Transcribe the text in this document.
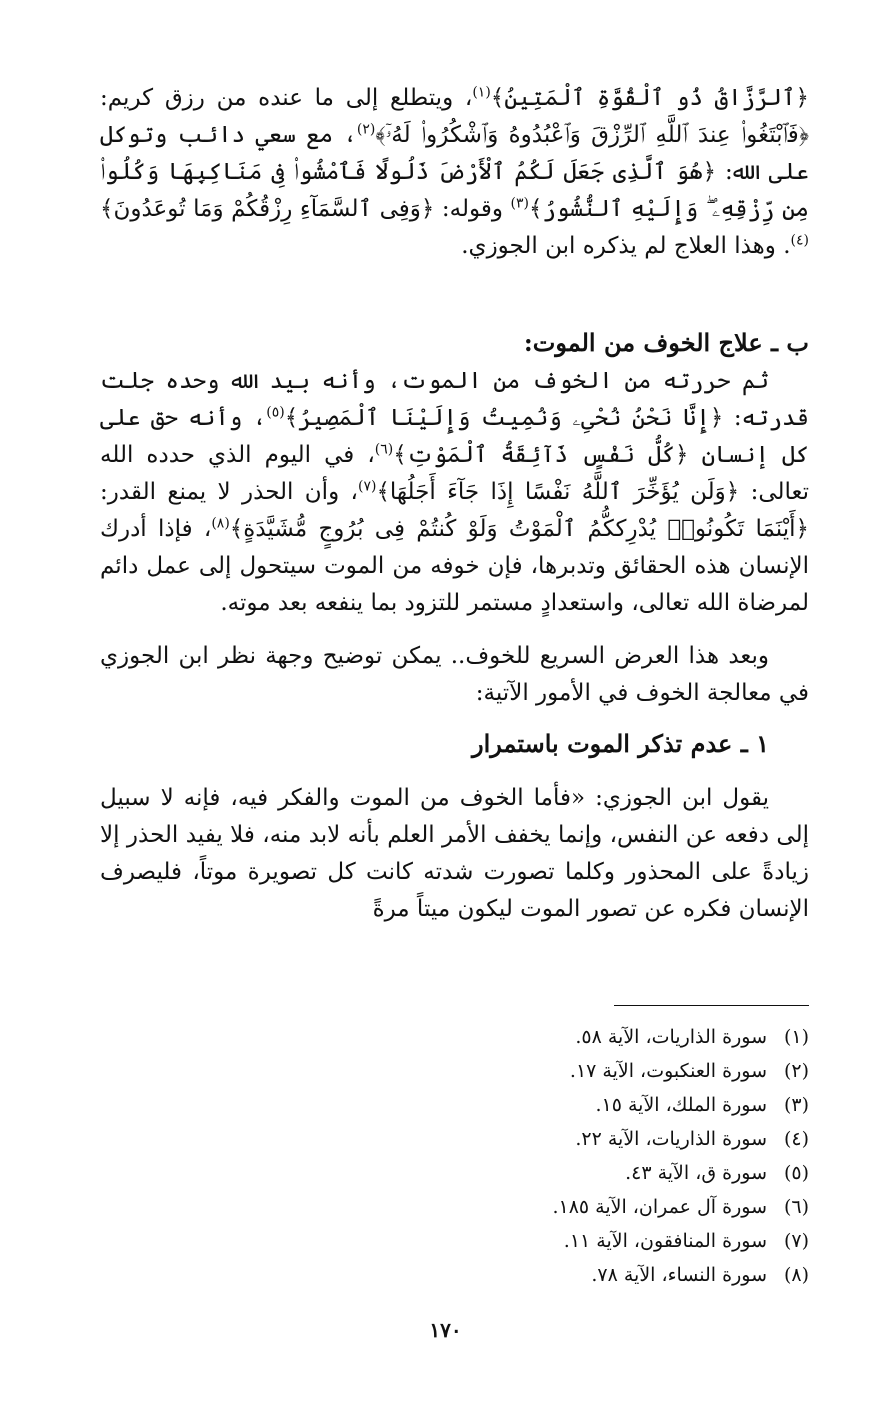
﴿ٱلرَّزَّاقُ ذُو ٱلْقُوَّةِ ٱلْمَتِينُ﴾$^{(١)}$، ويتطلع إلى ما عنده من رزق كريم: ﴿فَٱبْتَغُوا۟ عِندَ ٱللَّهِ ٱلرِّزْقَ وَٱعْبُدُوهُ وَٱشْكُرُوا۟ لَهُۥٓ﴾$^{(٢)}$، مع سعي دائب وتوكل على الله: ﴿هُوَ ٱلَّذِى جَعَلَ لَكُمُ ٱلْأَرْضَ ذَلُولًا فَٱمْشُوا۟ فِى مَنَاكِبِهَا وَكُلُوا۟ مِن رِّزْقِهِۦ ۖ وَإِلَيْهِ ٱلنُّشُورُ﴾$^{(٣)}$ وقوله: ﴿وَفِى ٱلسَّمَآءِ رِزْقُكُمْ وَمَا تُوعَدُونَ﴾$^{(٤)}$. وهذا العلاج لم يذكره ابن الجوزي.

ب ـ علاج الخوف من الموت:

ثم حررته من الخوف من الموت، وأنه بيد الله وحده جلت قدرته: ﴿إِنَّا نَحْنُ نُحْىِۦ وَنُمِيتُ وَإِلَيْنَا ٱلْمَصِيرُ﴾$^{(٥)}$، وأنه حق على كل إنسان ﴿كُلُّ نَفْسٍ ذَآئِقَةُ ٱلْمَوْتِ﴾$^{(٦)}$، في اليوم الذي حدده الله تعالى: ﴿وَلَن يُؤَخِّرَ ٱللَّهُ نَفْسًا إِذَا جَآءَ أَجَلُهَا﴾$^{(٧)}$، وأن الحذر لا يمنع القدر: ﴿أَيْنَمَا تَكُونُوا۟ يُدْرِككُّمُ ٱلْمَوْتُ وَلَوْ كُنتُمْ فِى بُرُوجٍ مُّشَيَّدَةٍ﴾$^{(٨)}$، فإذا أدرك الإنسان هذه الحقائق وتدبرها، فإن خوفه من الموت سيتحول إلى عمل دائم لمرضاة الله تعالى، واستعدادٍ مستمر للتزود بما ينفعه بعد موته.

وبعد هذا العرض السريع للخوف.. يمكن توضيح وجهة نظر ابن الجوزي في معالجة الخوف في الأمور الآتية:

١ ـ عدم تذكر الموت باستمرار

يقول ابن الجوزي: «فأما الخوف من الموت والفكر فيه، فإنه لا سبيل إلى دفعه عن النفس، وإنما يخفف الأمر العلم بأنه لابد منه، فلا يفيد الحذر إلا زيادةً على المحذور وكلما تصورت شدته كانت كل تصويرة موتاً، فليصرف الإنسان فكره عن تصور الموت ليكون ميتاً مرةً

(١)سورة الذاريات، الآية ٥٨.
(٢)سورة العنكبوت، الآية ١٧.
(٣)سورة الملك، الآية ١٥.
(٤)سورة الذاريات، الآية ٢٢.
(٥)سورة ق، الآية ٤٣.
(٦)سورة آل عمران، الآية ١٨٥.
(٧)سورة المنافقون، الآية ١١.
(٨)سورة النساء، الآية ٧٨.
١٧٠
